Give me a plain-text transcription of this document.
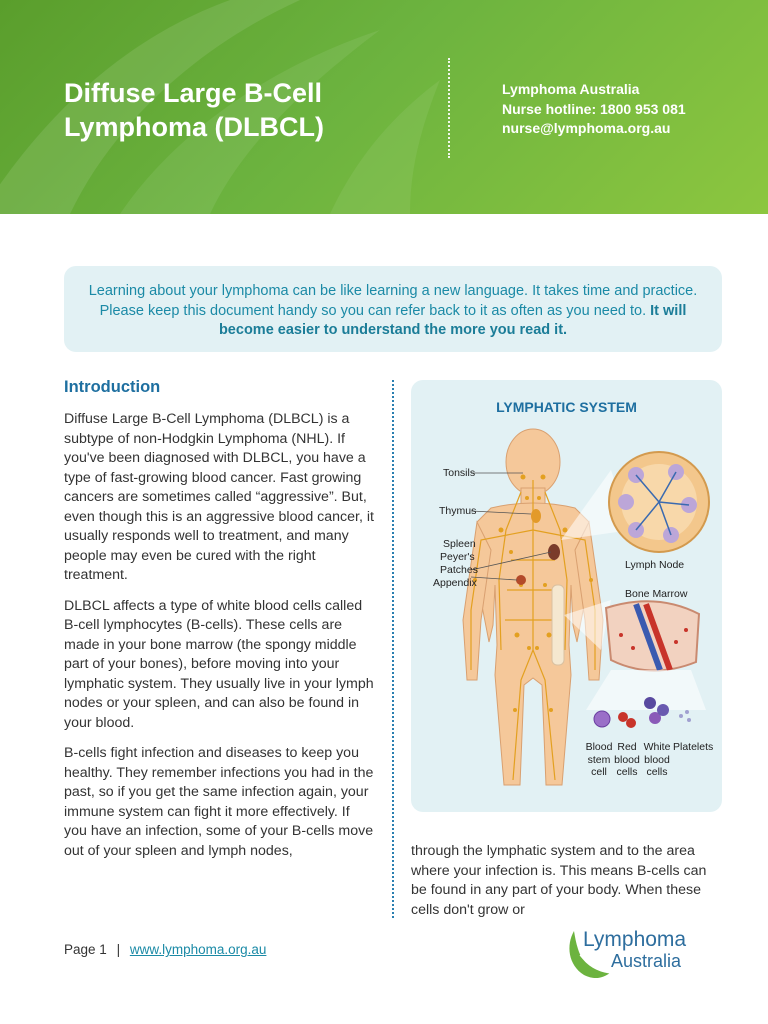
Diffuse Large B-Cell Lymphoma (DLBCL)
Lymphoma Australia
Nurse hotline: 1800 953 081
nurse@lymphoma.org.au
Learning about your lymphoma can be like learning a new language. It takes time and practice. Please keep this document handy so you can refer back to it as often as you need to. It will become easier to understand the more you read it.
Introduction

Diffuse Large B-Cell Lymphoma (DLBCL) is a subtype of non-Hodgkin Lymphoma (NHL). If you've been diagnosed with DLBCL, you have a type of fast-growing blood cancer. Fast growing cancers are sometimes called “aggressive”. But, even though this is an aggressive blood cancer, it usually responds well to treatment, and many people may even be cured with the right treatment.

DLBCL affects a type of white blood cells called B-cell lymphocytes (B-cells). These cells are made in your bone marrow (the spongy middle part of your bones), before moving into your lymphatic system. They usually live in your lymph nodes or your spleen, and can also be found in your blood.

B-cells fight infection and diseases to keep you healthy. They remember infections you had in the past, so if you get the same infection again, your immune system can fight it more effectively. If you have an infection, some of your B-cells move out of your spleen and lymph nodes,

LYMPHATIC SYSTEM
Tonsils
Thymus
Spleen
Peyer's
Patches
Appendix
Lymph Node
Bone Marrow
Blood
stem
cell
Red
blood
cells
White
blood
cells
Platelets
through the lymphatic system and to the area where your infection is. This means B-cells can be found in any part of your body. When these cells don't grow or
Page 1 | www.lymphoma.org.au	Lymphoma
Australia
